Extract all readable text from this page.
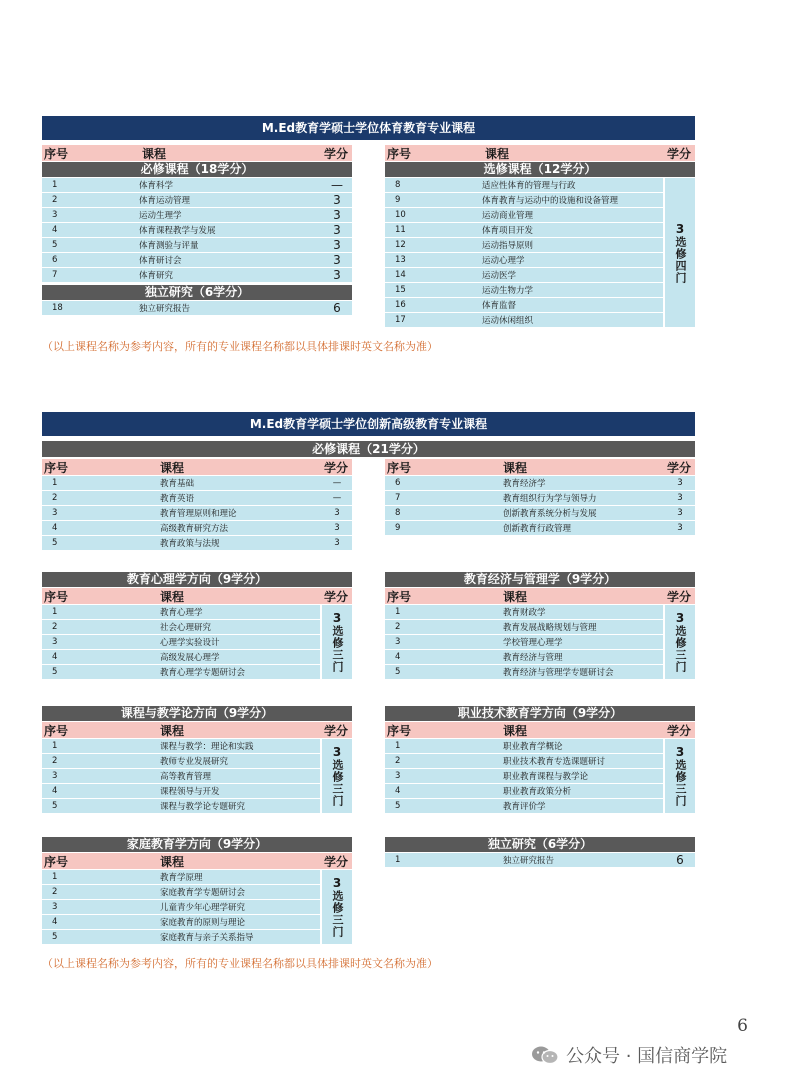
M.Ed教育学硕士学位体育教育专业课程
序号	课程	学分
必修课程（18学分）
1	体育科学	—
2	体育运动管理	3
3	运动生理学	3
4	体育课程教学与发展	3
5	体育测验与评量	3
6	体育研讨会	3
7	体育研究	3
独立研究（6学分）
18	独立研究报告	6
序号	课程	学分
选修课程（12学分）
8	适应性体育的管理与行政
9	体育教育与运动中的设施和设备管理
10	运动商业管理
11	体育项目开发
12	运动指导原则
13	运动心理学
14	运动医学
15	运动生物力学
16	体育监督
17	运动休闲组织
3
选修四门
（以上课程名称为参考内容，所有的专业课程名称都以具体排课时英文名称为准）
M.Ed教育学硕士学位创新高级教育专业课程
必修课程（21学分）
序号	课程	学分
1	教育基础	—
2	教育英语	—
3	教育管理原则和理论	3
4	高级教育研究方法	3
5	教育政策与法规	3
序号	课程	学分
6	教育经济学	3
7	教育组织行为学与领导力	3
8	创新教育系统分析与发展	3
9	创新教育行政管理	3
教育心理学方向（9学分）
序号	课程	学分
1	教育心理学
2	社会心理研究
3	心理学实验设计
4	高级发展心理学
5	教育心理学专题研讨会
3
选修三门
教育经济与管理学（9学分）
序号	课程	学分
1	教育财政学
2	教育发展战略规划与管理
3	学校管理心理学
4	教育经济与管理
5	教育经济与管理学专题研讨会
3
选修三门
课程与教学论方向（9学分）
序号	课程	学分
1	课程与教学：理论和实践
2	教师专业发展研究
3	高等教育管理
4	课程领导与开发
5	课程与教学论专题研究
3
选修三门
职业技术教育学方向（9学分）
序号	课程	学分
1	职业教育学概论
2	职业技术教育专选课题研讨
3	职业教育课程与教学论
4	职业教育政策分析
5	教育评价学
3
选修三门
家庭教育学方向（9学分）
序号	课程	学分
1	教育学原理
2	家庭教育学专题研讨会
3	儿童青少年心理学研究
4	家庭教育的原则与理论
5	家庭教育与亲子关系指导
3
选修三门
独立研究（6学分）
1	独立研究报告	6
（以上课程名称为参考内容，所有的专业课程名称都以具体排课时英文名称为准）
6
公众号 · 国信商学院
